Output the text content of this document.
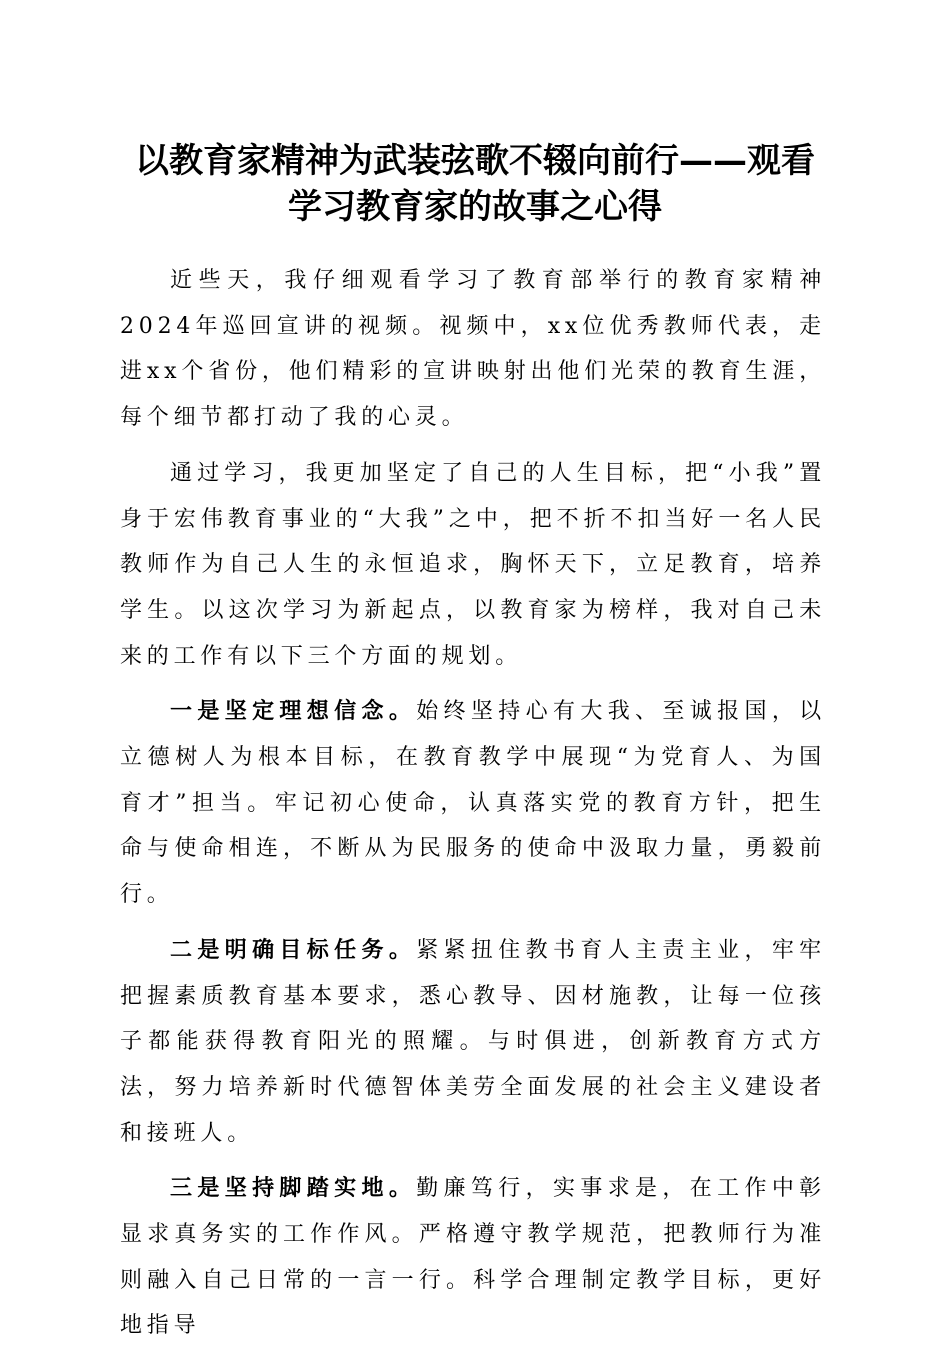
以教育家精神为武装弦歌不辍向前行——观看
学习教育家的故事之心得

近些天，我仔细观看学习了教育部举行的教育家精神2024年巡回宣讲的视频。视频中，xx位优秀教师代表，走进xx个省份，他们精彩的宣讲映射出他们光荣的教育生涯，每个细节都打动了我的心灵。

通过学习，我更加坚定了自己的人生目标，把“小我”置身于宏伟教育事业的“大我”之中，把不折不扣当好一名人民教师作为自己人生的永恒追求，胸怀天下，立足教育，培养学生。以这次学习为新起点，以教育家为榜样，我对自己未来的工作有以下三个方面的规划。

一是坚定理想信念。始终坚持心有大我、至诚报国，以立德树人为根本目标，在教育教学中展现“为党育人、为国育才”担当。牢记初心使命，认真落实党的教育方针，把生命与使命相连，不断从为民服务的使命中汲取力量，勇毅前行。

二是明确目标任务。紧紧扭住教书育人主责主业，牢牢把握素质教育基本要求，悉心教导、因材施教，让每一位孩子都能获得教育阳光的照耀。与时俱进，创新教育方式方法，努力培养新时代德智体美劳全面发展的社会主义建设者和接班人。

三是坚持脚踏实地。勤廉笃行，实事求是，在工作中彰显求真务实的工作作风。严格遵守教学规范，把教师行为准则融入自己日常的一言一行。科学合理制定教学目标，更好地指导
